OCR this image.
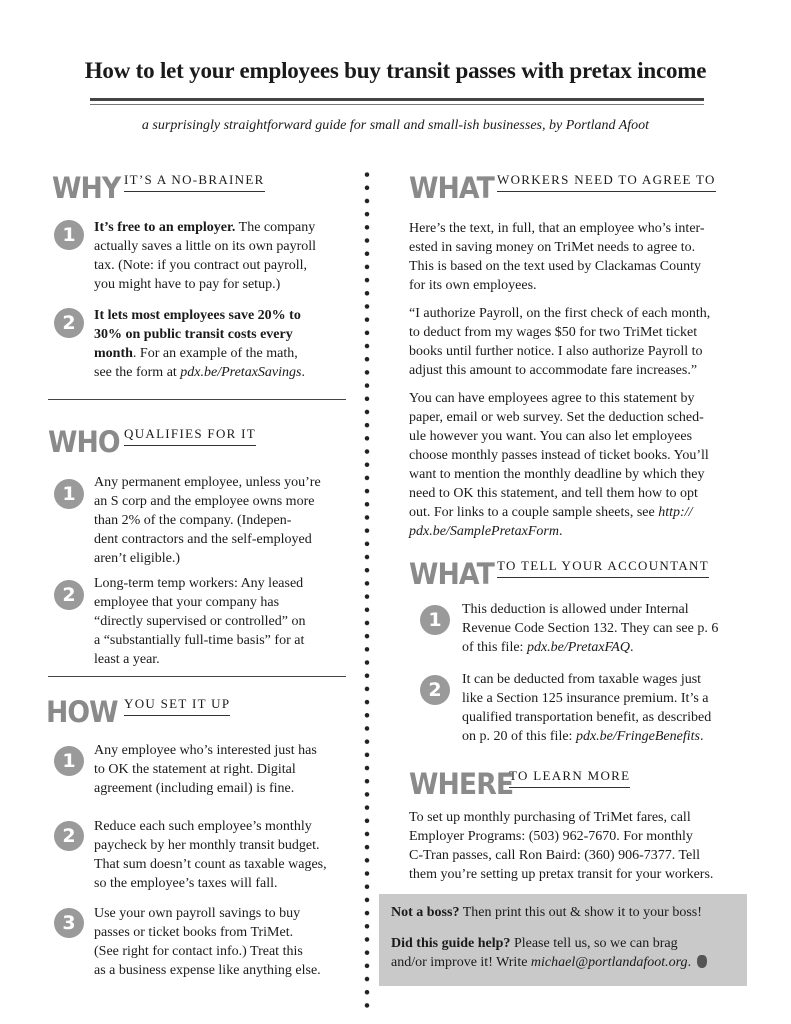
How to let your employees buy transit passes with pretax income
a surprisingly straightforward guide for small and small-ish businesses, by Portland Afoot
WHY IT’S A NO-BRAINER
1	It’s free to an employer. The company
actually saves a little on its own payroll
tax. (Note: if you contract out payroll,
you might have to pay for setup.)
2	It lets most employees save 20% to
30% on public transit costs every
month. For an example of the math,
see the form at pdx.be/PretaxSavings.
WHO QUALIFIES FOR IT
1
Any permanent employee, unless you’re
an S corp and the employee owns more
than 2% of the company. (Indepen-
dent contractors and the self-employed
aren’t eligible.)
2
Long-term temp workers: Any leased
employee that your company has
“directly supervised or controlled” on
a “substantially full-time basis” for at
least a year.
HOW YOU SET IT UP
1	Any employee who’s interested just has
to OK the statement at right. Digital
agreement (including email) is fine.
2	Reduce each such employee’s monthly
paycheck by her monthly transit budget.
That sum doesn’t count as taxable wages,
so the employee’s taxes will fall.
3	Use your own payroll savings to buy
passes or ticket books from TriMet.
(See right for contact info.) Treat this
as a business expense like anything else.
WHAT WORKERS NEED TO AGREE TO
Here’s the text, in full, that an employee who’s inter-
ested in saving money on TriMet needs to agree to.
This is based on the text used by Clackamas County
for its own employees.
“I authorize Payroll, on the first check of each month,
to deduct from my wages $50 for two TriMet ticket
books until further notice. I also authorize Payroll to
adjust this amount to accommodate fare increases.”
You can have employees agree to this statement by
paper, email or web survey. Set the deduction sched-
ule however you want. You can also let employees
choose monthly passes instead of ticket books. You’ll
want to mention the monthly deadline by which they
need to OK this statement, and tell them how to opt
out. For links to a couple sample sheets, see http://
pdx.be/SamplePretaxForm.
WHAT TO TELL YOUR ACCOUNTANT
1	This deduction is allowed under Internal
Revenue Code Section 132. They can see p. 6
of this file: pdx.be/PretaxFAQ.
2	It can be deducted from taxable wages just
like a Section 125 insurance premium. It’s a
qualified transportation benefit, as described
on p. 20 of this file: pdx.be/FringeBenefits.
WHERE
TO LEARN MORE
To set up monthly purchasing of TriMet fares, call
Employer Programs: (503) 962-7670. For monthly
C-Tran passes, call Ron Baird: (360) 906-7377. Tell
them you’re setting up pretax transit for your workers.

Not a boss? Then print this out & show it to your boss!

Did this guide help? Please tell us, so we can brag

and/or improve it! Write michael@portlandafoot.org.
